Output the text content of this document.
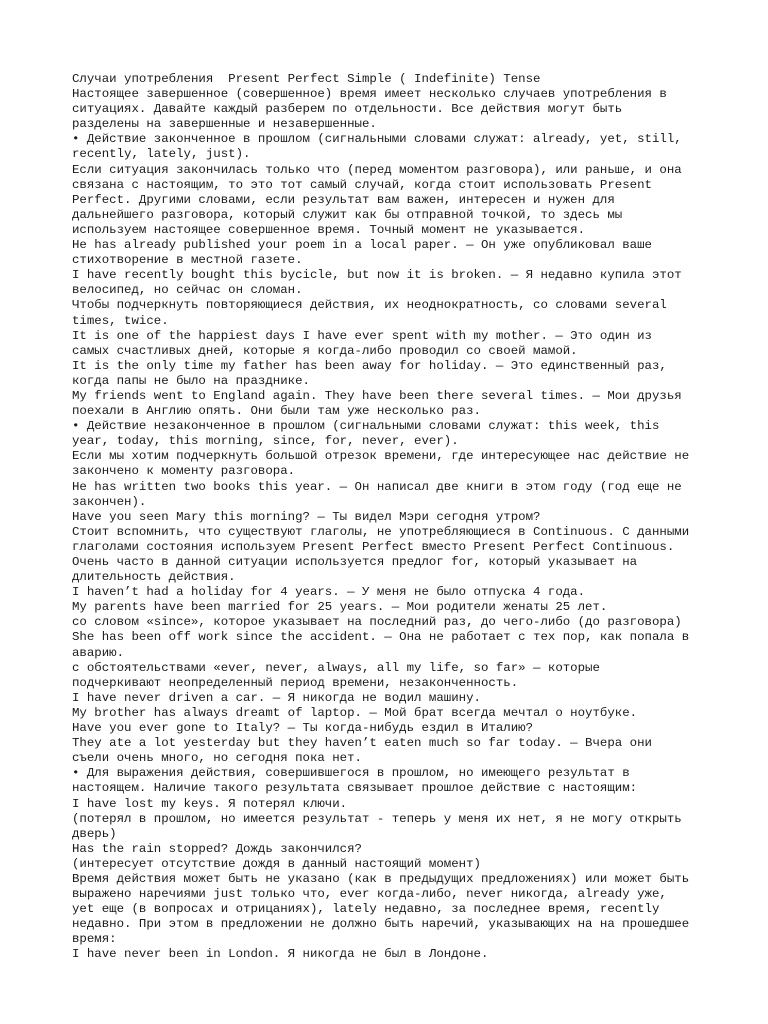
Случаи употребления  Present Perfect Simple ( Indefinite) Tense
Настоящее завершенное (совершенное) время имеет несколько случаев употребления в
ситуациях. Давайте каждый разберем по отдельности. Все действия могут быть
разделены на завершенные и незавершенные.
• Действие законченное в прошлом (сигнальными словами служат: already, yet, still,
recently, lately, just).
Если ситуация закончилась только что (перед моментом разговора), или раньше, и она
связана с настоящим, то это тот самый случай, когда стоит использовать Present
Perfect. Другими словами, если результат вам важен, интересен и нужен для
дальнейшего разговора, который служит как бы отправной точкой, то здесь мы
используем настоящее совершенное время. Точный момент не указывается.
He has already published your poem in a local paper. — Он уже опубликовал ваше
стихотворение в местной газете.
I have recently bought this bycicle, but now it is broken. — Я недавно купила этот
велосипед, но сейчас он сломан.
Чтобы подчеркнуть повторяющиеся действия, их неоднократность, со словами several
times, twice.
It is one of the happiest days I have ever spent with my mother. — Это один из
самых счастливых дней, которые я когда-либо проводил со своей мамой.
It is the only time my father has been away for holiday. — Это единственный раз,
когда папы не было на празднике.
My friends went to England again. They have been there several times. — Мои друзья
поехали в Англию опять. Они были там уже несколько раз.
• Действие незаконченное в прошлом (сигнальными словами служат: this week, this
year, today, this morning, since, for, never, ever).
Если мы хотим подчеркнуть большой отрезок времени, где интересующее нас действие не
закончено к моменту разговора.
He has written two books this year. — Он написал две книги в этом году (год еще не
закончен).
Have you seen Mary this morning? — Ты видел Мэри сегодня утром?
Стоит вспомнить, что существуют глаголы, не употребляющиеся в Continuous. С данными
глаголами состояния используем Present Perfect вместо Present Perfect Continuous.
Очень часто в данной ситуации используется предлог for, который указывает на
длительность действия.
I haven’t had a holiday for 4 years. — У меня не было отпуска 4 года.
My parents have been married for 25 years. — Мои родители женаты 25 лет.
со словом «since», которое указывает на последний раз, до чего-либо (до разговора)
She has been off work since the accident. — Она не работает с тех пор, как попала в
аварию.
с обстоятельствами «ever, never, always, all my life, so far» — которые
подчеркивают неопределенный период времени, незаконченность.
I have never driven a car. — Я никогда не водил машину.
My brother has always dreamt of laptop. — Мой брат всегда мечтал о ноутбуке.
Have you ever gone to Italy? — Ты когда-нибудь ездил в Италию?
They ate a lot yesterday but they haven’t eaten much so far today. — Вчера они
съели очень много, но сегодня пока нет.
• Для выражения действия, совершившегося в прошлом, но имеющего результат в
настоящем. Наличие такого результата связывает прошлое действие с настоящим:
I have lost my keys. Я потерял ключи.
(потерял в прошлом, но имеется результат - теперь у меня их нет, я не могу открыть
дверь)
Has the rain stopped? Дождь закончился?
(интересует отсутствие дождя в данный настоящий момент)
Время действия может быть не указано (как в предыдущих предложениях) или может быть
выражено наречиями just только что, ever когда-либо, never никогда, already уже,
yet еще (в вопросах и отрицаниях), lately недавно, за последнее время, recently
недавно. При этом в предложении не должно быть наречий, указывающих на на прошедшее
время:
I have never been in London. Я никогда не был в Лондоне.
